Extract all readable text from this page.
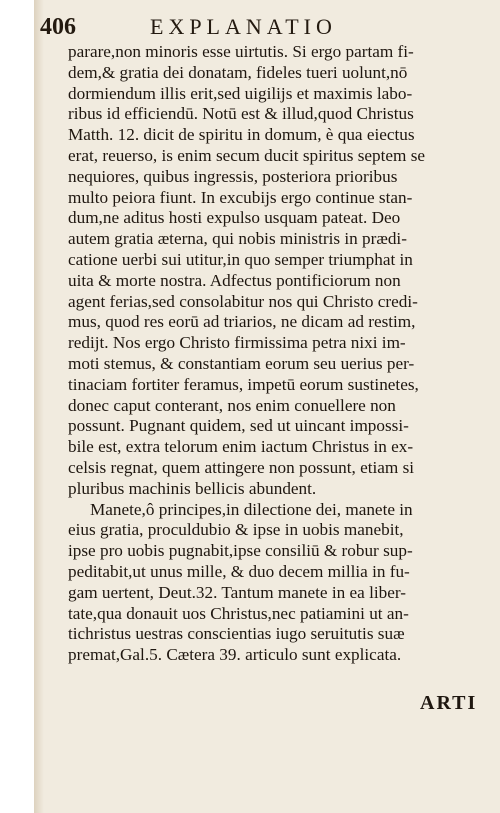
406	EXPLANATIO
parare,non minoris esse uirtutis. Si ergo partam fi-
dem,& gratia dei donatam, fideles tueri uolunt,nō
dormiendum illis erit,sed uigilijs et maximis labo-
ribus id efficiendū. Notū est & illud,quod Christus
Matth. 12. dicit de spiritu in domum, è qua eiectus
erat, reuerso, is enim secum ducit spiritus septem se
nequiores, quibus ingressis, posteriora prioribus
multo peiora fiunt. In excubijs ergo continue stan-
dum,ne aditus hosti expulso usquam pateat. Deo
autem gratia æterna, qui nobis ministris in prædi-
catione uerbi sui utitur,in quo semper triumphat in
uita & morte nostra. Adfectus pontificiorum non
agent ferias,sed consolabitur nos qui Christo credi-
mus, quod res eorū ad triarios, ne dicam ad restim,
redijt. Nos ergo Christo firmissima petra nixi im-
moti stemus, & constantiam eorum seu uerius per-
tinaciam fortiter feramus, impetū eorum sustinetes,
donec caput conterant, nos enim conuellere non
possunt. Pugnant quidem, sed ut uincant impossi-
bile est, extra telorum enim iactum Christus in ex-
celsis regnat, quem attingere non possunt, etiam si
pluribus machinis bellicis abundent.
Manete,ô principes,in dilectione dei, manete in
eius gratia, proculdubio & ipse in uobis manebit,
ipse pro uobis pugnabit,ipse consiliū & robur sup-
peditabit,ut unus mille, & duo decem millia in fu-
gam uertent, Deut.32. Tantum manete in ea liber-
tate,qua donauit uos Christus,nec patiamini ut an-
tichristus uestras conscientias iugo seruitutis suæ
premat,Gal.5. Cætera 39. articulo sunt explicata.
ARTI
